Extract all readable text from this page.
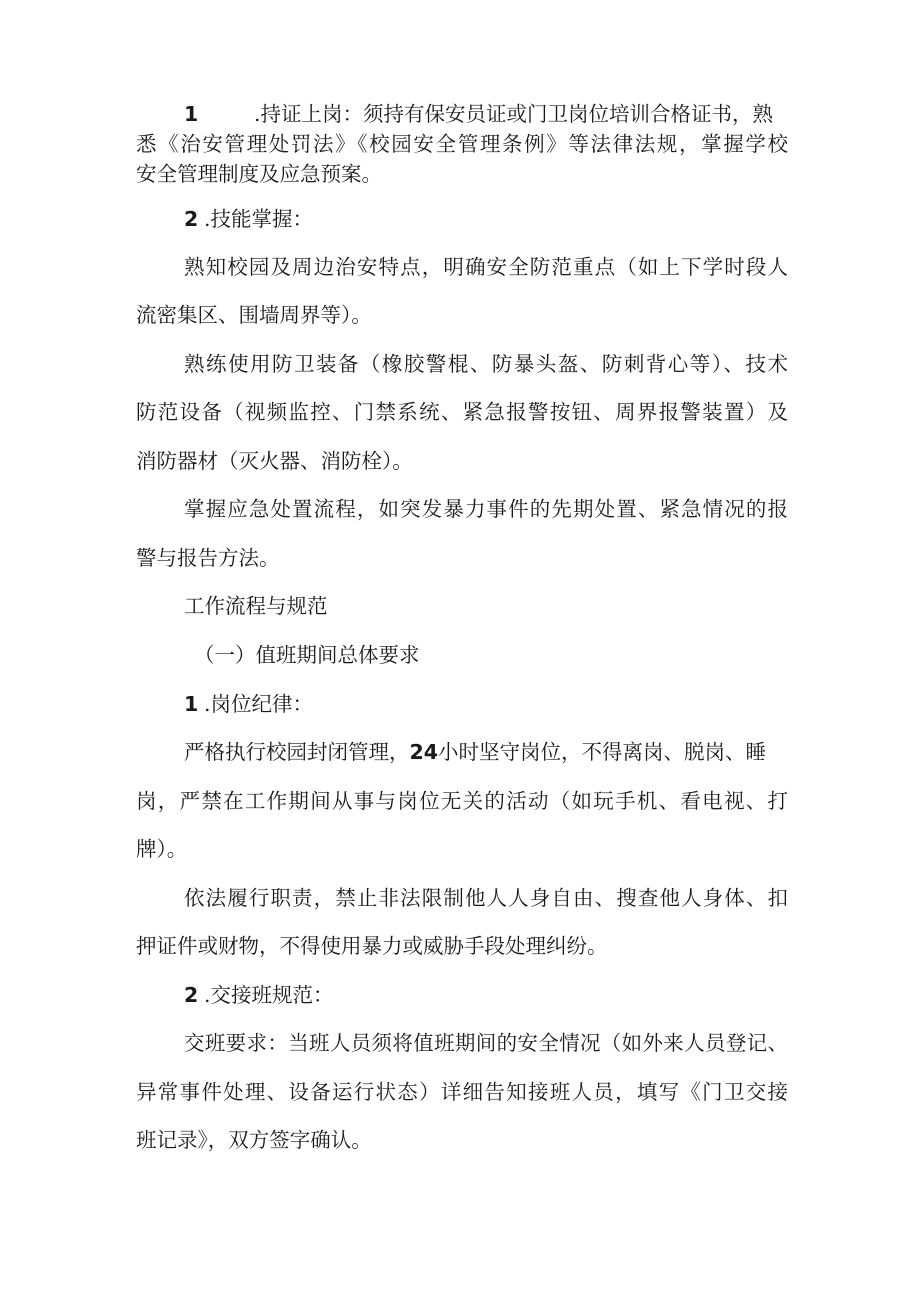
1	.持证上岗：须持有保安员证或门卫岗位培训合格证书，熟
悉《治安管理处罚法》《校园安全管理条例》等法律法规，掌握学校
安全管理制度及应急预案。
2 .技能掌握：
熟知校园及周边治安特点，明确安全防范重点（如上下学时段人
流密集区、围墙周界等）。
熟练使用防卫装备（橡胶警棍、防暴头盔、防刺背心等）、技术
防范设备（视频监控、门禁系统、紧急报警按钮、周界报警装置）及
消防器材（灭火器、消防栓）。
掌握应急处置流程，如突发暴力事件的先期处置、紧急情况的报
警与报告方法。
工作流程与规范
（一）值班期间总体要求
1 .岗位纪律：
严格执行校园封闭管理，24小时坚守岗位，不得离岗、脱岗、睡
岗，严禁在工作期间从事与岗位无关的活动（如玩手机、看电视、打
牌）。
依法履行职责，禁止非法限制他人人身自由、搜查他人身体、扣
押证件或财物，不得使用暴力或威胁手段处理纠纷。
2 .交接班规范：
交班要求：当班人员须将值班期间的安全情况（如外来人员登记、
异常事件处理、设备运行状态）详细告知接班人员，填写《门卫交接
班记录》，双方签字确认。
